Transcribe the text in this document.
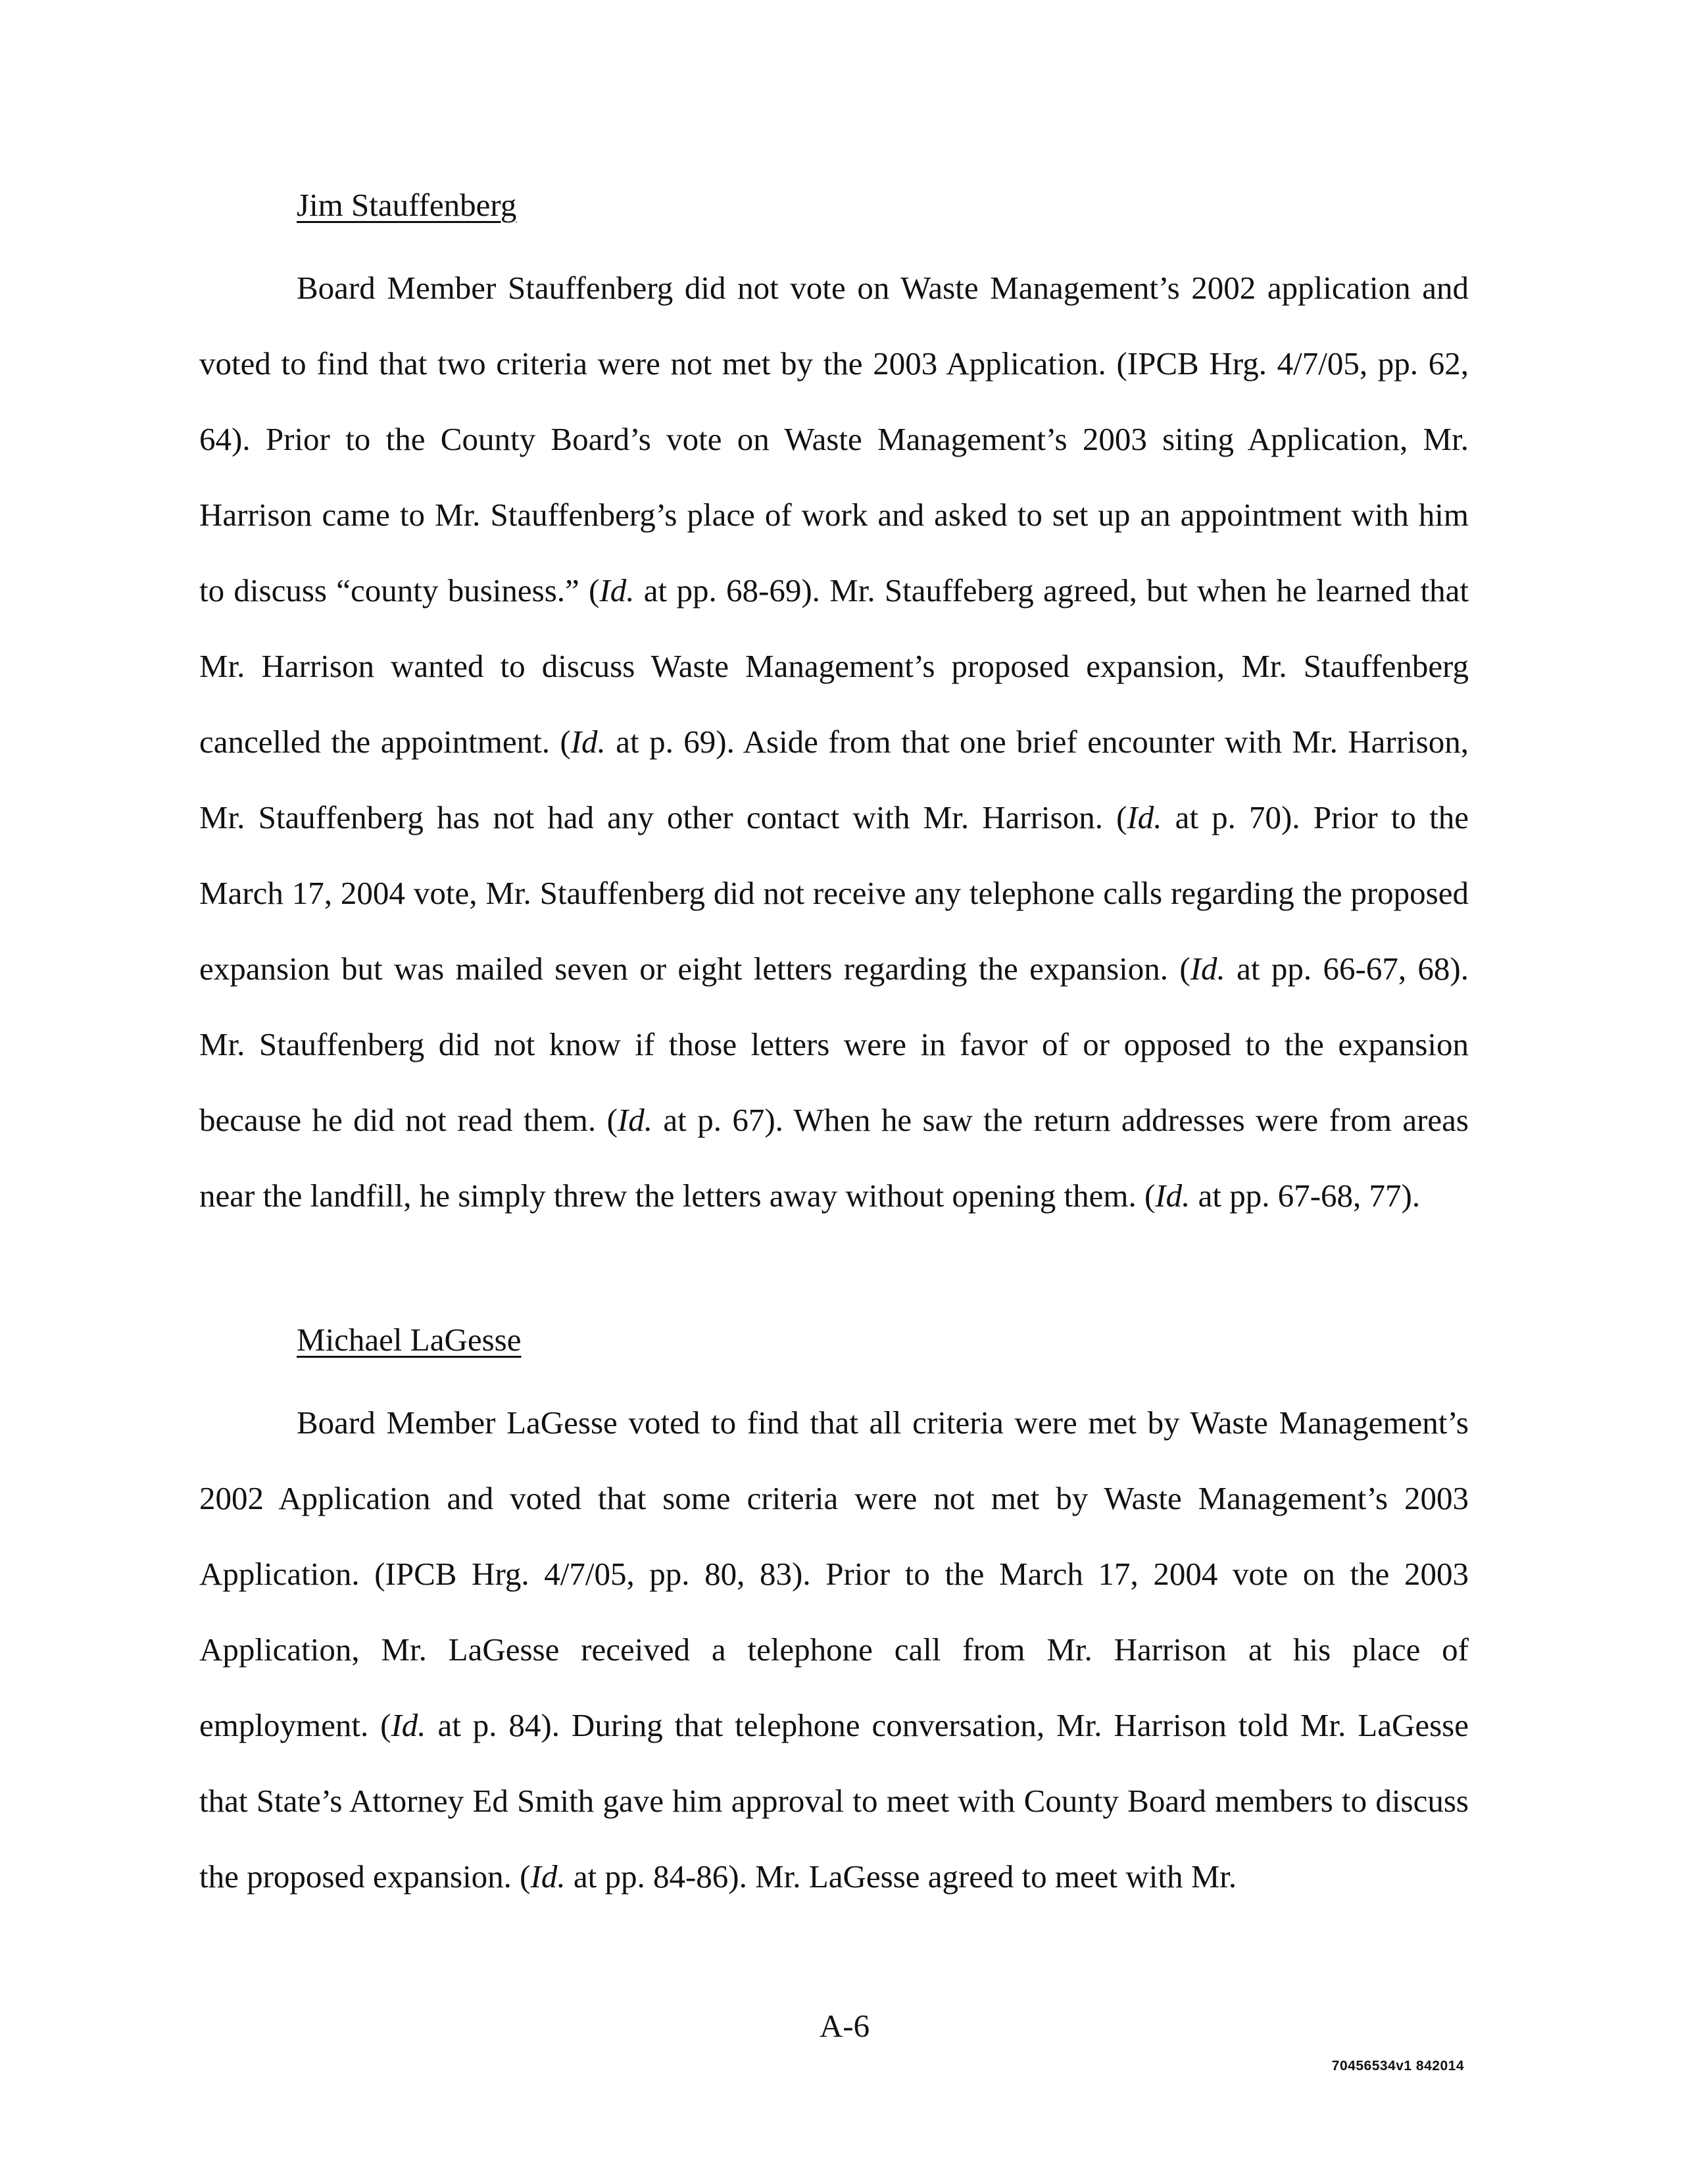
Jim Stauffenberg
Board Member Stauffenberg did not vote on Waste Management’s 2002 application and voted to find that two criteria were not met by the 2003 Application. (IPCB Hrg. 4/7/05, pp. 62, 64). Prior to the County Board’s vote on Waste Management’s 2003 siting Application, Mr. Harrison came to Mr. Stauffenberg’s place of work and asked to set up an appointment with him to discuss “county business.” (Id. at pp. 68-69). Mr. Stauffeberg agreed, but when he learned that Mr. Harrison wanted to discuss Waste Management’s proposed expansion, Mr. Stauffenberg cancelled the appointment. (Id. at p. 69). Aside from that one brief encounter with Mr. Harrison, Mr. Stauffenberg has not had any other contact with Mr. Harrison. (Id. at p. 70). Prior to the March 17, 2004 vote, Mr. Stauffenberg did not receive any telephone calls regarding the proposed expansion but was mailed seven or eight letters regarding the expansion. (Id. at pp. 66-67, 68). Mr. Stauffenberg did not know if those letters were in favor of or opposed to the expansion because he did not read them. (Id. at p. 67). When he saw the return addresses were from areas near the landfill, he simply threw the letters away without opening them. (Id. at pp. 67-68, 77).
Michael LaGesse
Board Member LaGesse voted to find that all criteria were met by Waste Management’s 2002 Application and voted that some criteria were not met by Waste Management’s 2003 Application. (IPCB Hrg. 4/7/05, pp. 80, 83). Prior to the March 17, 2004 vote on the 2003 Application, Mr. LaGesse received a telephone call from Mr. Harrison at his place of employment. (Id. at p. 84). During that telephone conversation, Mr. Harrison told Mr. LaGesse that State’s Attorney Ed Smith gave him approval to meet with County Board members to discuss the proposed expansion. (Id. at pp. 84-86). Mr. LaGesse agreed to meet with Mr.
A-6
70456534v1 842014
